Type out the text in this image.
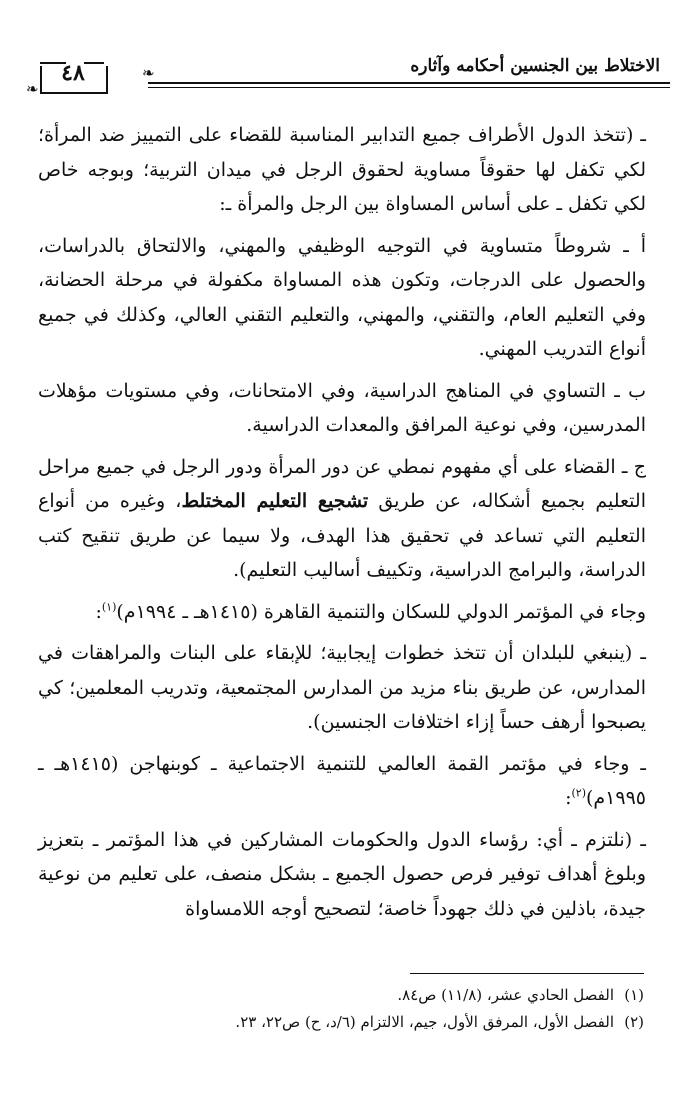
الاختلاط بين الجنسين أحكامه وآثاره
❧
❧
٤٨

ـ (تتخذ الدول الأطراف جميع التدابير المناسبة للقضاء على التمييز ضد المرأة؛ لكي تكفل لها حقوقاً مساوية لحقوق الرجل في ميدان التربية؛ وبوجه خاص لكي تكفل ـ على أساس المساواة بين الرجل والمرأة ـ:

أ ـ شروطاً متساوية في التوجيه الوظيفي والمهني، والالتحاق بالدراسات، والحصول على الدرجات، وتكون هذه المساواة مكفولة في مرحلة الحضانة، وفي التعليم العام، والتقني، والمهني، والتعليم التقني العالي، وكذلك في جميع أنواع التدريب المهني.

ب ـ التساوي في المناهج الدراسية، وفي الامتحانات، وفي مستويات مؤهلات المدرسين، وفي نوعية المرافق والمعدات الدراسية.

ج ـ القضاء على أي مفهوم نمطي عن دور المرأة ودور الرجل في جميع مراحل التعليم بجميع أشكاله، عن طريق تشجيع التعليم المختلط، وغيره من أنواع التعليم التي تساعد في تحقيق هذا الهدف، ولا سيما عن طريق تنقيح كتب الدراسة، والبرامج الدراسية، وتكييف أساليب التعليم).

وجاء في المؤتمر الدولي للسكان والتنمية القاهرة (١٤١٥هـ ـ ١٩٩٤م)$^{(١)}$:

ـ (ينبغي للبلدان أن تتخذ خطوات إيجابية؛ للإبقاء على البنات والمراهقات في المدارس، عن طريق بناء مزيد من المدارس المجتمعية، وتدريب المعلمين؛ كي يصبحوا أرهف حساً إزاء اختلافات الجنسين).

ـ وجاء في مؤتمر القمة العالمي للتنمية الاجتماعية ـ كوبنهاجن (١٤١٥هـ ـ ١٩٩٥م)$^{(٢)}$:

ـ (نلتزم ـ أي: رؤساء الدول والحكومات المشاركين في هذا المؤتمر ـ بتعزيز وبلوغ أهداف توفير فرص حصول الجميع ـ بشكل منصف، على تعليم من نوعية جيدة، باذلين في ذلك جهوداً خاصة؛ لتصحيح أوجه اللامساواة

(١)الفصل الحادي عشر، (١١/٨) ص٨٤.
(٢)الفصل الأول، المرفق الأول، جيم، الالتزام (٦/د، ح) ص٢٢، ٢٣.
